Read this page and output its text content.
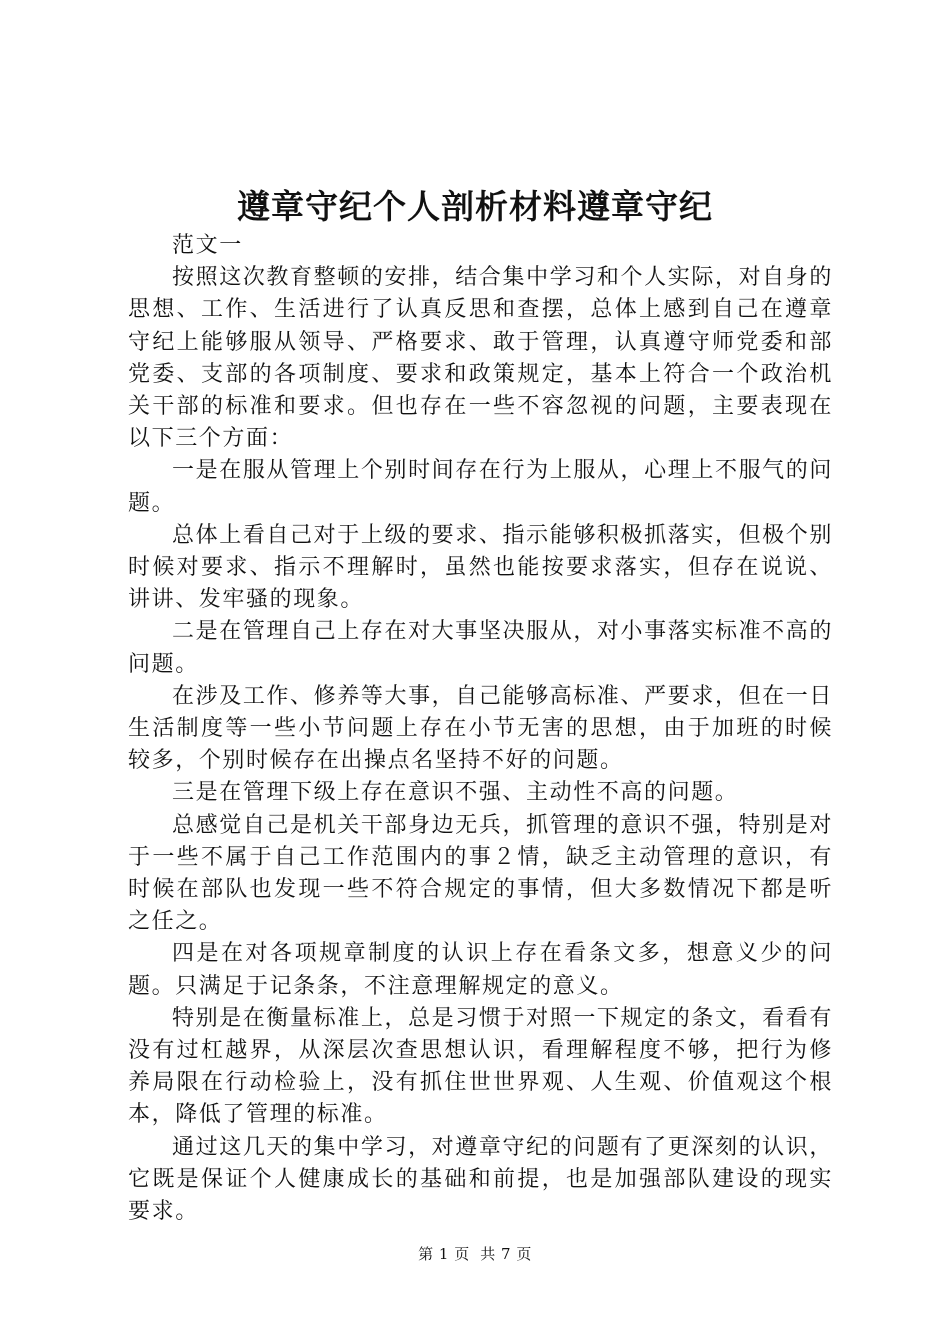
遵章守纪个人剖析材料遵章守纪

范文一

按照这次教育整顿的安排，结合集中学习和个人实际，对自身的思想、工作、生活进行了认真反思和查摆，总体上感到自己在遵章守纪上能够服从领导、严格要求、敢于管理，认真遵守师党委和部党委、支部的各项制度、要求和政策规定，基本上符合一个政治机关干部的标准和要求。但也存在一些不容忽视的问题，主要表现在以下三个方面：

一是在服从管理上个别时间存在行为上服从，心理上不服气的问题。

总体上看自己对于上级的要求、指示能够积极抓落实，但极个别时候对要求、指示不理解时，虽然也能按要求落实，但存在说说、讲讲、发牢骚的现象。

二是在管理自己上存在对大事坚决服从，对小事落实标准不高的问题。

在涉及工作、修养等大事，自己能够高标准、严要求，但在一日生活制度等一些小节问题上存在小节无害的思想，由于加班的时候较多，个别时候存在出操点名坚持不好的问题。

三是在管理下级上存在意识不强、主动性不高的问题。

总感觉自己是机关干部身边无兵，抓管理的意识不强，特别是对于一些不属于自己工作范围内的事２情，缺乏主动管理的意识，有时候在部队也发现一些不符合规定的事情，但大多数情况下都是听之任之。

四是在对各项规章制度的认识上存在看条文多，想意义少的问题。只满足于记条条，不注意理解规定的意义。

特别是在衡量标准上，总是习惯于对照一下规定的条文，看看有没有过杠越界，从深层次查思想认识，看理解程度不够，把行为修养局限在行动检验上，没有抓住世世界观、人生观、价值观这个根本，降低了管理的标准。

通过这几天的集中学习，对遵章守纪的问题有了更深刻的认识，它既是保证个人健康成长的基础和前提，也是加强部队建设的现实要求。

第 1 页  共 7 页
